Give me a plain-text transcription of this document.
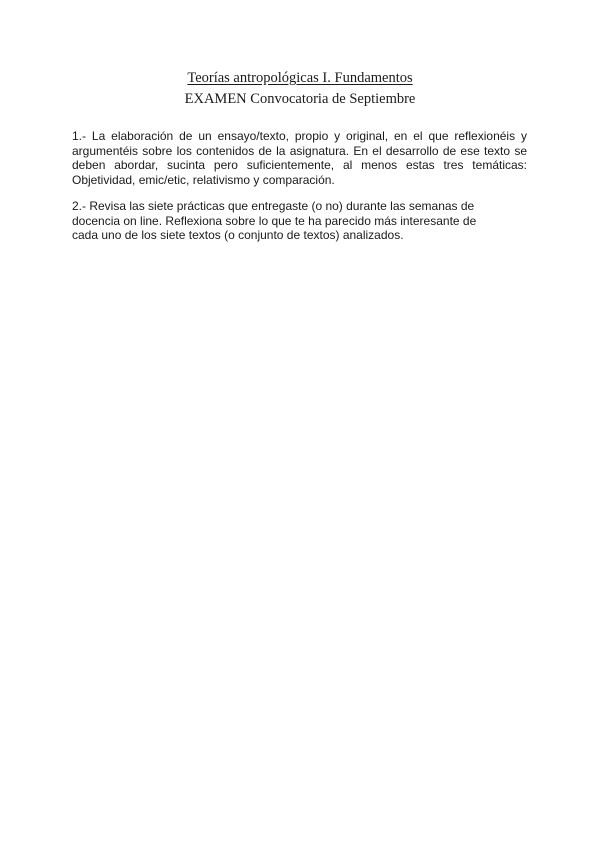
Teorías antropológicas I. Fundamentos
EXAMEN Convocatoria de Septiembre
1.- La elaboración de un ensayo/texto, propio y original, en el que reflexionéis y argumentéis sobre los contenidos de la asignatura. En el desarrollo de ese texto se deben abordar, sucinta pero suficientemente, al menos estas tres temáticas: Objetividad, emic/etic, relativismo y comparación.
2.- Revisa las siete prácticas que entregaste (o no) durante las semanas de
docencia on line. Reflexiona sobre lo que te ha parecido más interesante de
cada uno de los siete textos (o conjunto de textos) analizados.
